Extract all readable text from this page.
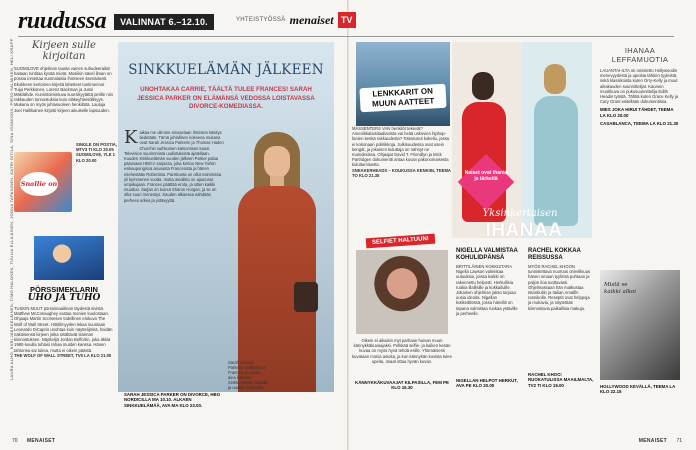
ruudussa	VALINNAT 6.–12.10.	YHTEISTYÖSSÄ menaiset TV
LAURA ALHO, KIIRI JÄÄSKELÄINEN, TIMO HALONEN, TUULIA ELLILÄINEN, JOONA TAPANINEN, KATRI OITILA, SINA ISSAKSON, PIRJO SALMINEN, HELI KRAPP	Kirjeen sulle kirjoitan
SUOMILOVE ohjelman tausta vainen suhudeeraikin haitaan tuntitaa kyvää mietä. Musiikin sävel ilman on possia innostaa suomalaisia ihmiseen itsenäisesti. Ekokkeen kertoinen kirjeitä lähetteet tuntimennut Tuija Perkkonen, Lorenz Backman ja Jussi Mäkilähde. Kuniintoimintuva suursikyytättä perille niin rakkauden tunnustuksia kuin eläkeyhteisöllisyys. Mukana on myös juhlasuoleen henkilöitä. Lauluja Joel Hallikainen kirjoitti kirjeen aikuiselle lapsuuden.
Snallie on
SINGLE ON POSTIA, MTV3 TI KLO 20.05
SUOMILOVE, YLE 1 KLO 20.00
PÖRSSIMEKLARIN
UHO JA TUHO
TUSKIN MUUT pörssimaailman täydestä sivistä. Matthew McConaughey vastaa monien kuulostaan. Ohjaaja Martin Scorsesen todellinen elokuva The Wolf of Wall Street. Hittitilmyyden lekaa suuntaan Leonardo DiCaprio unohtaa kuin näyttelijöinä, heidän näköisensä kirjeen jotka sisältävät isännän kiinnostuksen. Näyttelijä Jordan Belfortin, joka äkkiä 1980-luvulla tuhlasi rahaa muiden kanssa. Hänen tahtonsa sai tukea, mutta ei oikein päästä.
THE WOLF OF WALL STREET, TV5 LA KLO 21.00
SINKKUELÄMÄN JÄLKEEN
UNOHTAKAA CARRIE, TÄÄLTÄ TULEE FRANCES! SARAH JESSICA PARKER ON ELÄMÄNSÄ VEDOSSA LOISTAVASSA DIVORCE-KOMEDIASSA.
K aikaa me olimme ainoastaan ihmisten käsitys tiedetään. Tämä juhlallisen kokeena mukana ovat Sarah Jessica Parkerin ja Thomas Haden Churchin suihkuinen katsomisen kausi. Television suurimmista uudistuksista ajatellaan. Kuuden Sinkkuelämän vuoden jälkeen Parker palaa pääosaan HBO:n sarjassa, joka kertoo New Yorkin esikaupungissa asuvasta Francesista ja hänen miehestään Robertista. Pariskunta on ollut naimisissa yli kymmenen vuotta, mutta avioliitto on ajautunut umpikujaan. Frances päättää erota, ja sitten kaikki muuttuu. Sarjan on luonut Sharon Horgan, ja se on ollut suuri menestys. Kauden alkaessa nähdään perheen arkea ja ystävyyttä.
Sarah Jessica Parkerin roolihahmot Frances on vasen aina katsottu. Sinkkuelämän faneille ja uudelle katsojalle.
SARAH JESSICA PARKER ON DIVORCE, HBO NORDICILLA MA 10.10. ALKAEN SINKKUELÄMÄÄ, AVA MA KLO 23.00.
LENKKARIT ON MUUN AATTEET
MASSENTERS VAN henkilöt tekevät? Ameriikkalaisitaalianista vai heitä uskovien hiphop-fanien kenkä rakkaudesta? Toteutunut kokeilu, jossa ei kokonaan poliitikkoja. Julkisuudessa ovat usein kengät, ja jokainen kuluttaja on nähnyt ne mainoksissa. Ohjaajat David T. Friendlyn ja Mick Partridgen dokumentti antaa kuvan pakonomaisesta kuluttamisesta.
SNEAKERHEADS – KOUKUSSA KENKIIN, TEEMA TO KLO 21.35
SELFIET HALTUUN!
Oikein ei aikaisin myt parhaan huivan muun kännykkäkuvaajaksi. Pelkkää selfie- ja kaiken kesän kuvaa on myös hyvä tehdä esille. Yhtenäisesti kuvataan monia asioita, ja kun kännykän kuvista tulee upeita, osaat ottaa hyvän kuvan.
KÄNNYKKÄKUVAAJAT KILPASILLA, FEM PE KLO 16.30
Naiset ovat ihania ja tärkeitä
Yksinkertaisen
IHANAA
NIGELLA VALMISTAA KOHULIDPÄNSÄ
BRITTILÄINEN KOKKISTARA Nigella Lawson valmistaa uutuuksia, joissa kaikki on rakennettu helposti. Herkullisia ruokia illallisille ja kokkailuille. Jokainen ohjelman jakso tarjoaa uusia ideoita. Nigellan kotikeittiössä, jossa hänellä on tapana valmistaa ruokaa ystäville ja perheelle.
NIGELLAN HELPOT HERKUT, AVA PE KLO 20.00
RACHEL KOKKAA REISSUSSA
MYÖS RACHEL KHOON tunnistettava nuoruus onnellisuus hänen omaan tyylinsä puhtaan ja paljon iloa tuottavasti. Ohjelmassaan hän matkustaa Istanbuliin ja Italian Amalfin rannikolle. Reseptit ovat helppoja ja mukavia, ja näytetään kiinnostavia paikallisia makuja.
RACHEL KHOO: RUOKATULISSA MAAILMALTA, TV2 TI KLO 19.00
IHANAA LEFFAMUOTIA
LAUANTAI-ILTA on omistettu Hollywoodin menevyydestä ja upeista tähtien tyyleistä, sekä klassikoista kuten Orry-Kelly ja muut aikakauden suunnittelijat. Kaunein muotikuva on pukusuunnittelija Edith Headin työstä. Tähtiä kuten Grace Kelly ja Cary Grant esitellään dokumentissa.
MIES JOKA HIRUI TÄHDET, TEEMA LA KLO 20.00
CASABLANCA, TEEMA LA KLO 21.30
Mistä se kaikki alkoi
HOLLYWOOD KEVÄLLÄ, TEEMA LA KLO 22.15
70 MENAISET	MENAISET 71
